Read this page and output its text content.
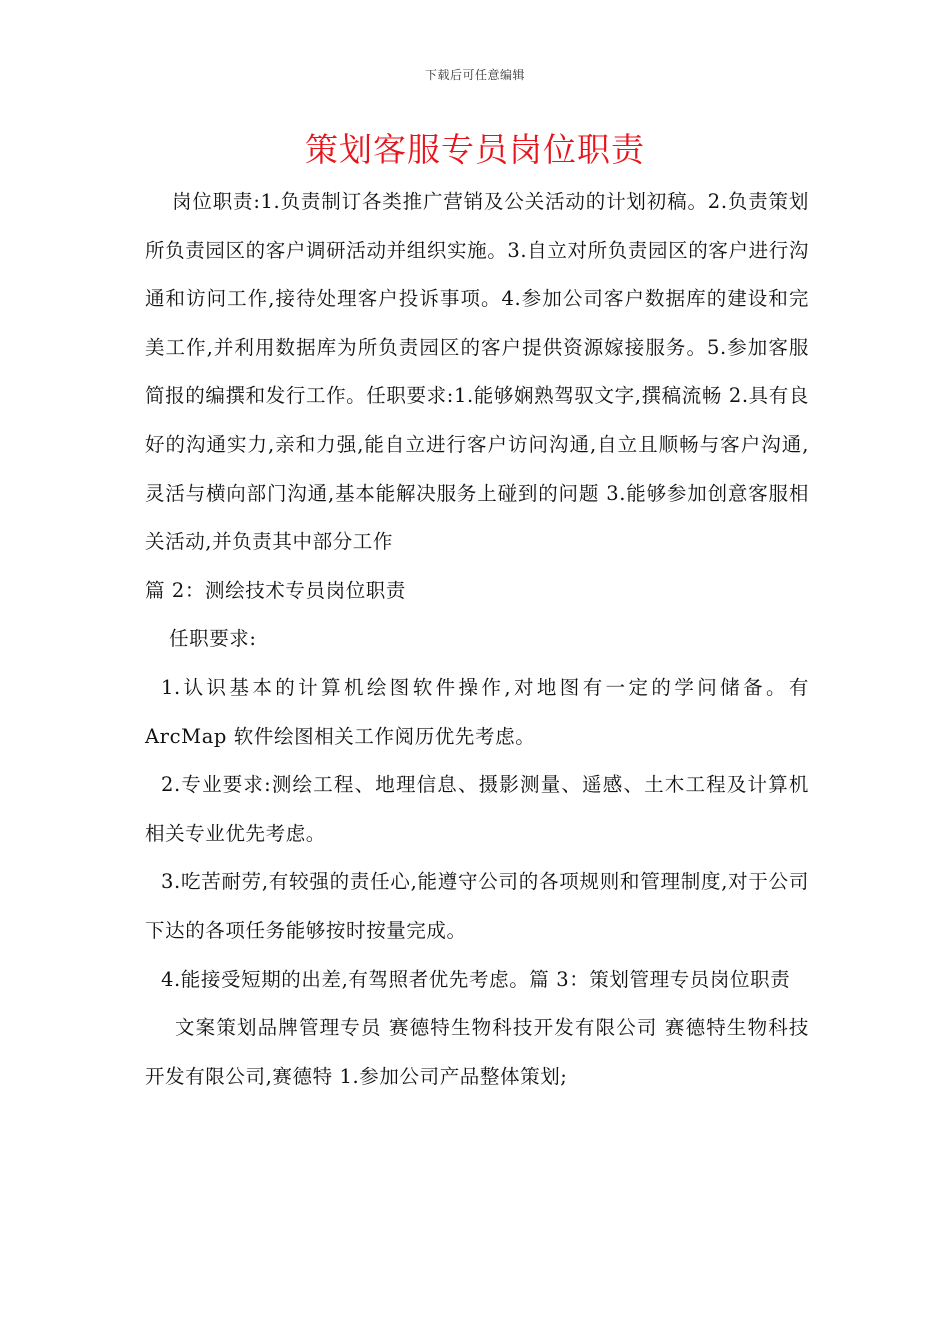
下载后可任意编辑
策划客服专员岗位职责

岗位职责:1.负责制订各类推广营销及公关活动的计划初稿。2.负责策划所负责园区的客户调研活动并组织实施。3.自立对所负责园区的客户进行沟通和访问工作,接待处理客户投诉事项。4.参加公司客户数据库的建设和完美工作,并利用数据库为所负责园区的客户提供资源嫁接服务。5.参加客服简报的编撰和发行工作。任职要求:1.能够娴熟驾驭文字,撰稿流畅 2.具有良好的沟通实力,亲和力强,能自立进行客户访问沟通,自立且顺畅与客户沟通,灵活与横向部门沟通,基本能解决服务上碰到的问题 3.能够参加创意客服相关活动,并负责其中部分工作

篇 2：测绘技术专员岗位职责

任职要求:

1.认识基本的计算机绘图软件操作,对地图有一定的学问储备。有 ArcMap 软件绘图相关工作阅历优先考虑。

2.专业要求:测绘工程、地理信息、摄影测量、遥感、土木工程及计算机相关专业优先考虑。

3.吃苦耐劳,有较强的责任心,能遵守公司的各项规则和管理制度,对于公司下达的各项任务能够按时按量完成。

4.能接受短期的出差,有驾照者优先考虑。篇 3：策划管理专员岗位职责

文案策划品牌管理专员 赛德特生物科技开发有限公司 赛德特生物科技开发有限公司,赛德特 1.参加公司产品整体策划;
